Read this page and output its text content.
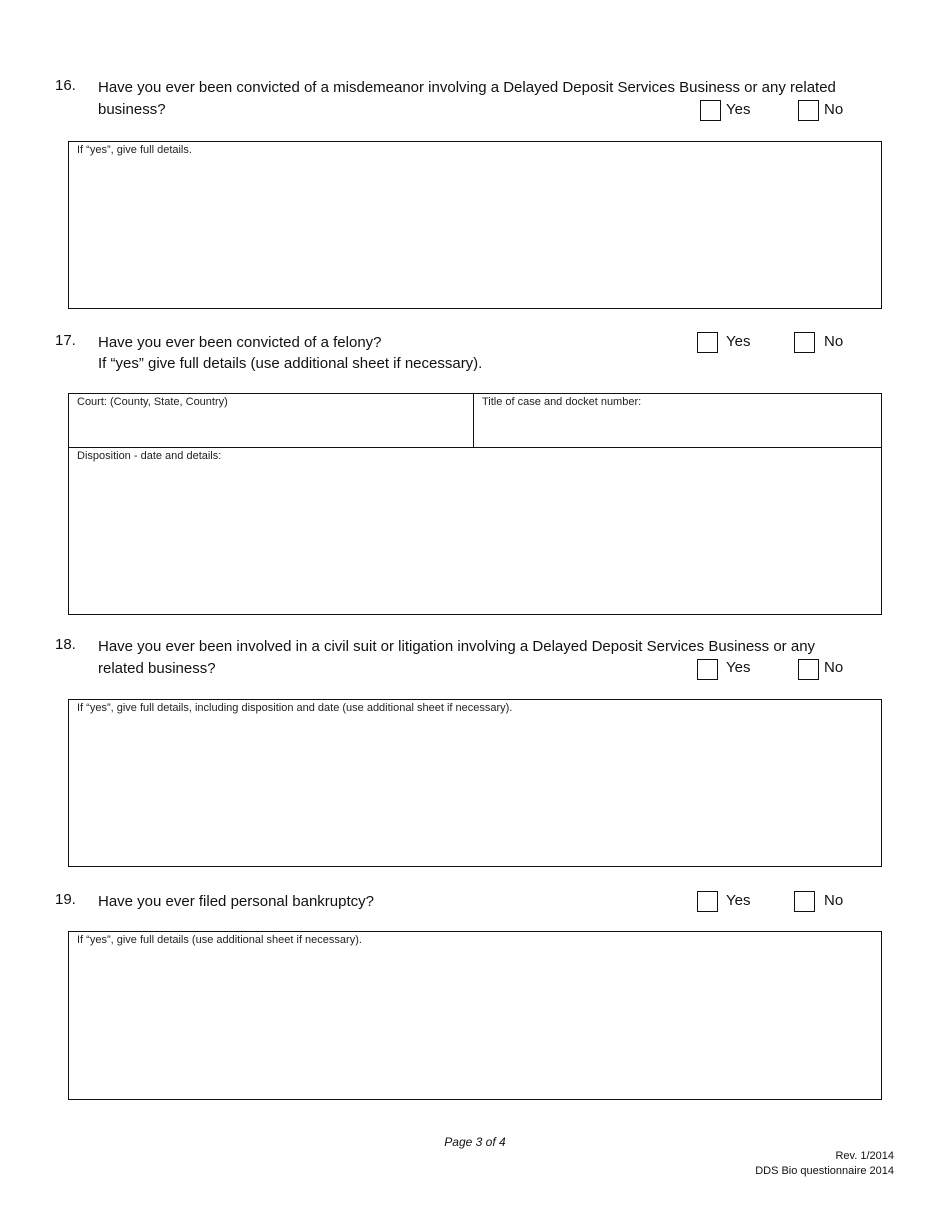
16. Have you ever been convicted of a misdemeanor involving a Delayed Deposit Services Business or any related
business?	Yes	No
If “yes”, give full details.
17. Have you ever been convicted of a felony?
If “yes” give full details (use additional sheet if necessary).
Yes	No
Court: (County, State, Country)	Title of case and docket number:
Disposition - date and details:
18. Have you ever been involved in a civil suit or litigation involving a Delayed Deposit Services Business or any
related business?	Yes	No
If “yes”, give full details, including disposition and date (use additional sheet if necessary).
19. Have you ever filed personal bankruptcy?	Yes	No
If “yes”, give full details (use additional sheet if necessary).
Page 3 of 4
Rev. 1/2014
DDS Bio questionnaire 2014
